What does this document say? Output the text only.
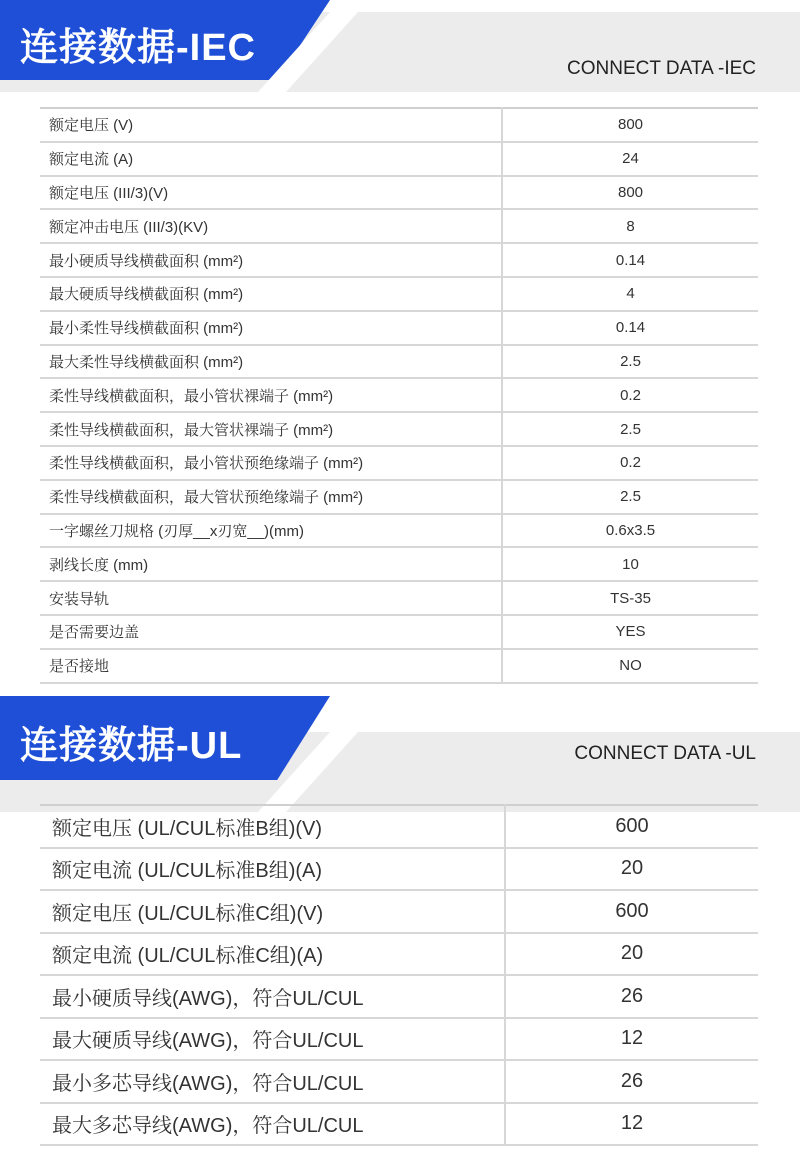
连接数据-IEC	CONNECT DATA -IEC
额定电压 (V)	800
额定电流 (A)	24
额定电压 (III/3)(V)	800
额定冲击电压 (III/3)(KV)	8
最小硬质导线横截面积 (mm²)	0.14
最大硬质导线横截面积 (mm²)	4
最小柔性导线横截面积 (mm²)	0.14
最大柔性导线横截面积 (mm²)	2.5
柔性导线横截面积，最小管状裸端子 (mm²)	0.2
柔性导线横截面积，最大管状裸端子 (mm²)	2.5
柔性导线横截面积，最小管状预绝缘端子 (mm²)	0.2
柔性导线横截面积，最大管状预绝缘端子 (mm²)	2.5
一字螺丝刀规格 (刃厚__x刃宽__)(mm)	0.6x3.5
剥线长度 (mm)	10
安装导轨	TS-35
是否需要边盖	YES
是否接地	NO
连接数据-UL	CONNECT DATA -UL
额定电压 (UL/CUL标准B组)(V)	600
额定电流 (UL/CUL标准B组)(A)	20
额定电压 (UL/CUL标准C组)(V)	600
额定电流 (UL/CUL标准C组)(A)	20
最小硬质导线(AWG)，符合UL/CUL	26
最大硬质导线(AWG)，符合UL/CUL	12
最小多芯导线(AWG)，符合UL/CUL	26
最大多芯导线(AWG)，符合UL/CUL	12
